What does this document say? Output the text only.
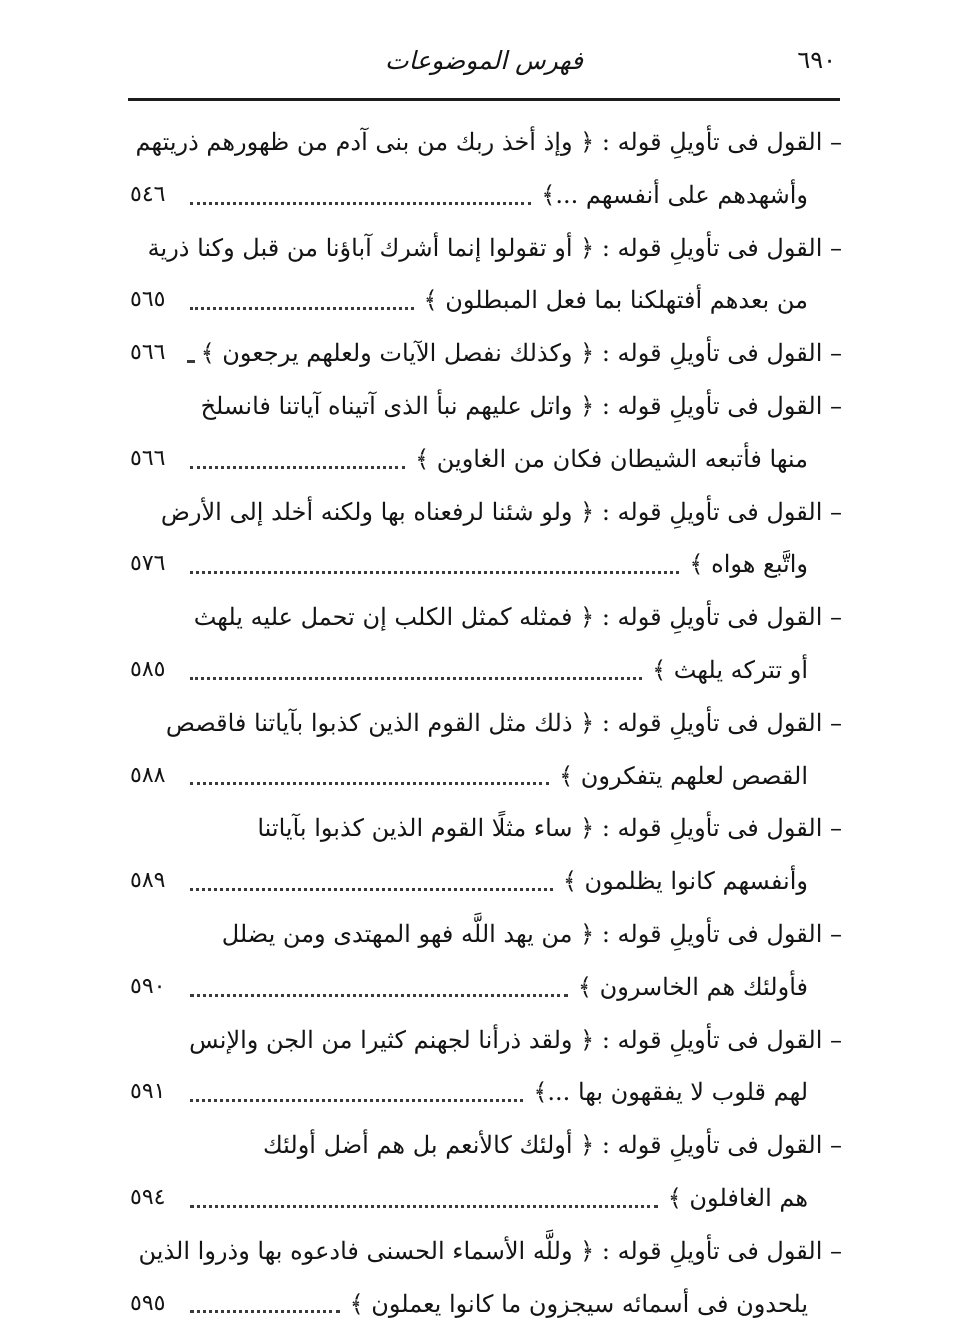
٦٩٠
فهرس الموضوعات
– القول فى تأويلِ قوله : ﴿ وإذ أخذ ربك من بنى آدم من ظهورهم ذريتهم
وأشهدهم على أنفسهم ...﴾
٥٤٦
– القول فى تأويلِ قوله : ﴿ أو تقولوا إنما أشرك آباؤنا من قبل وكنا ذرية
من بعدهم أفتهلكنا بما فعل المبطلون ﴾
٥٦٥
– القول فى تأويلِ قوله : ﴿ وكذلك نفصل الآيات ولعلهم يرجعون ﴾
٥٦٦
– القول فى تأويلِ قوله : ﴿ واتل عليهم نبأ الذى آتيناه آياتنا فانسلخ
منها فأتبعه الشيطان فكان من الغاوين ﴾
٥٦٦
– القول فى تأويلِ قوله : ﴿ ولو شئنا لرفعناه بها ولكنه أخلد إلى الأرض
واتَّبع هواه ﴾
٥٧٦
– القول فى تأويلِ قوله : ﴿ فمثله كمثل الكلب إن تحمل عليه يلهث
أو تتركه يلهث ﴾
٥٨٥
– القول فى تأويلِ قوله : ﴿ ذلك مثل القوم الذين كذبوا بآياتنا فاقصص
القصص لعلهم يتفكرون ﴾
٥٨٨
– القول فى تأويلِ قوله : ﴿ ساء مثلًا القوم الذين كذبوا بآياتنا
وأنفسهم كانوا يظلمون ﴾
٥٨٩
– القول فى تأويلِ قوله : ﴿ من يهد اللَّه فهو المهتدى ومن يضلل
فأولئك هم الخاسرون ﴾
٥٩٠
– القول فى تأويلِ قوله : ﴿ ولقد ذرأنا لجهنم كثيرا من الجن والإنس
لهم قلوب لا يفقهون بها ...﴾
٥٩١
– القول فى تأويلِ قوله : ﴿ أولئك كالأنعم بل هم أضل أولئك
هم الغافلون ﴾
٥٩٤
– القول فى تأويلِ قوله : ﴿ وللَّه الأسماء الحسنى فادعوه بها وذروا الذين
يلحدون فى أسمائه سيجزون ما كانوا يعملون ﴾
٥٩٥
